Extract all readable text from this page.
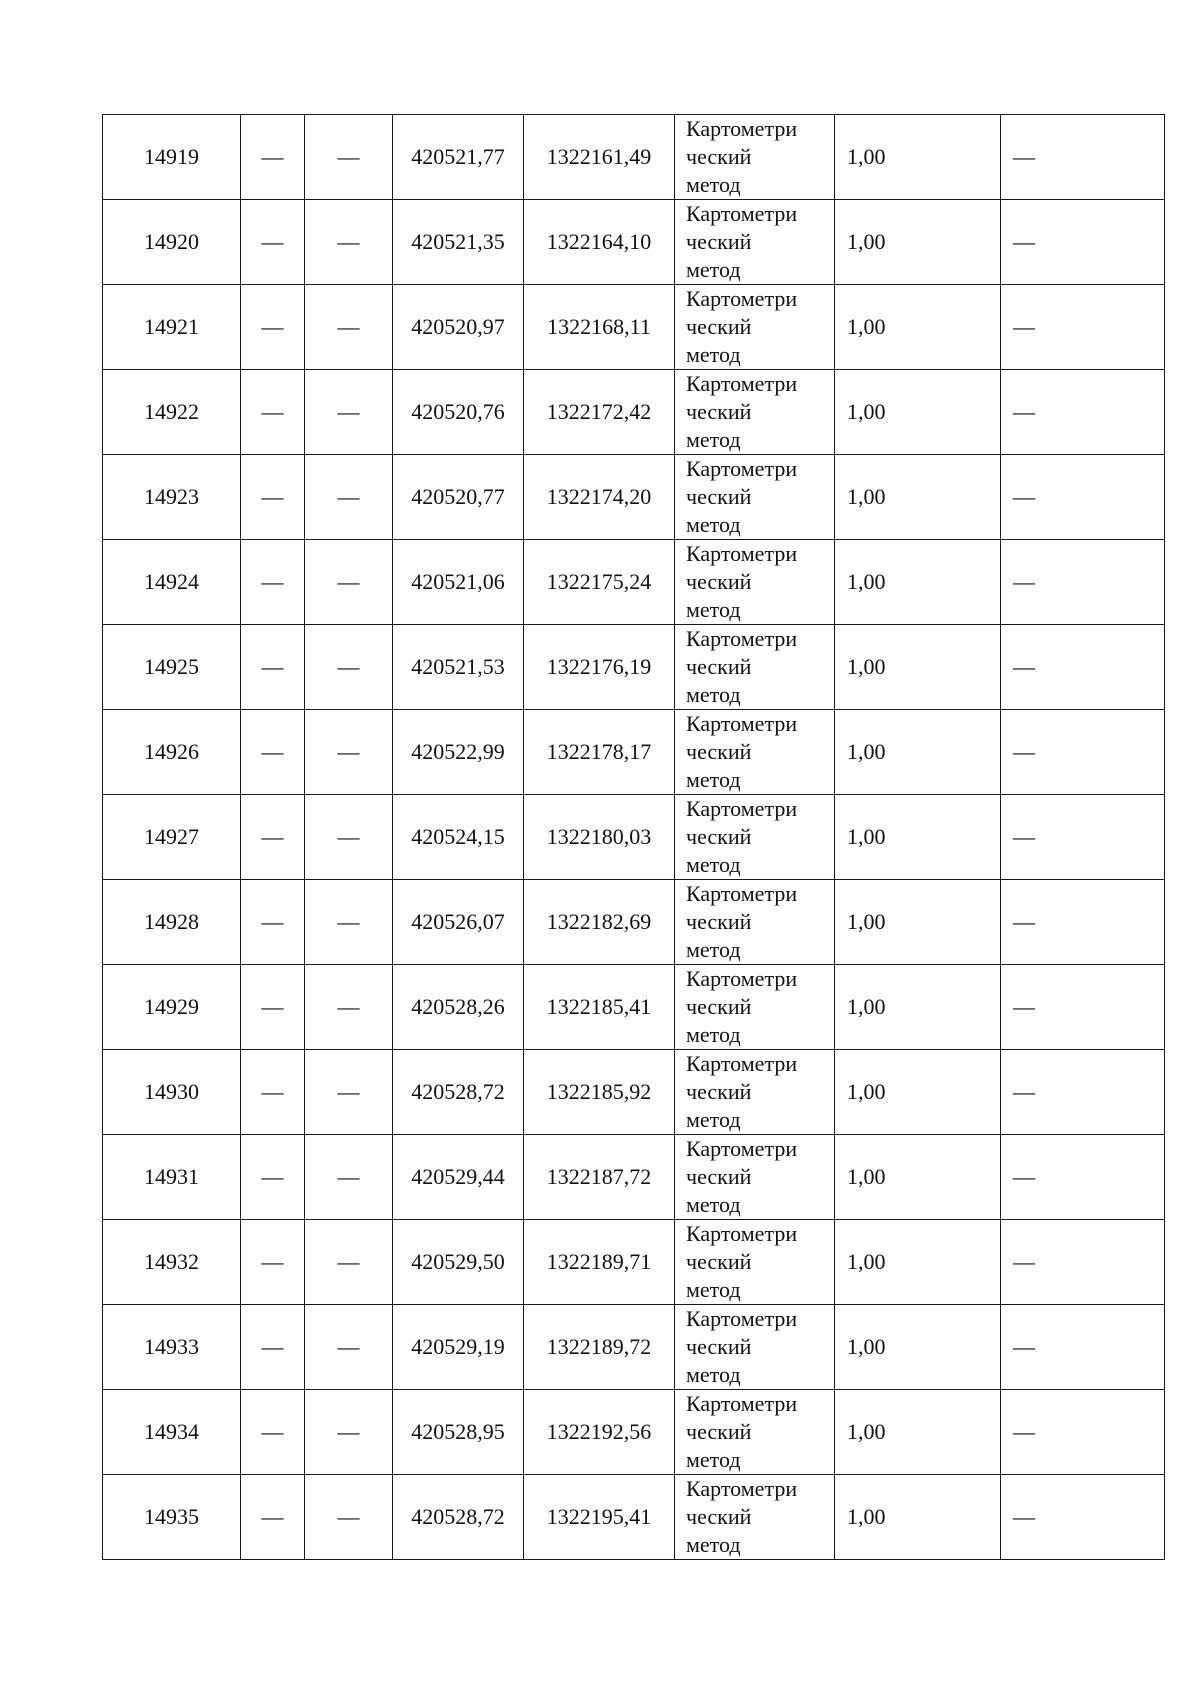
14919	—	—	420521,77	1322161,49	Картометри
ческий
метод	1,00	—
14920	—	—	420521,35	1322164,10	Картометри
ческий
метод	1,00	—
14921	—	—	420520,97	1322168,11	Картометри
ческий
метод	1,00	—
14922	—	—	420520,76	1322172,42	Картометри
ческий
метод	1,00	—
14923	—	—	420520,77	1322174,20	Картометри
ческий
метод	1,00	—
14924	—	—	420521,06	1322175,24	Картометри
ческий
метод	1,00	—
14925	—	—	420521,53	1322176,19	Картометри
ческий
метод	1,00	—
14926	—	—	420522,99	1322178,17	Картометри
ческий
метод	1,00	—
14927	—	—	420524,15	1322180,03	Картометри
ческий
метод	1,00	—
14928	—	—	420526,07	1322182,69	Картометри
ческий
метод	1,00	—
14929	—	—	420528,26	1322185,41	Картометри
ческий
метод	1,00	—
14930	—	—	420528,72	1322185,92	Картометри
ческий
метод	1,00	—
14931	—	—	420529,44	1322187,72	Картометри
ческий
метод	1,00	—
14932	—	—	420529,50	1322189,71	Картометри
ческий
метод	1,00	—
14933	—	—	420529,19	1322189,72	Картометри
ческий
метод	1,00	—
14934	—	—	420528,95	1322192,56	Картометри
ческий
метод	1,00	—
14935	—	—	420528,72	1322195,41	Картометри
ческий
метод	1,00	—
